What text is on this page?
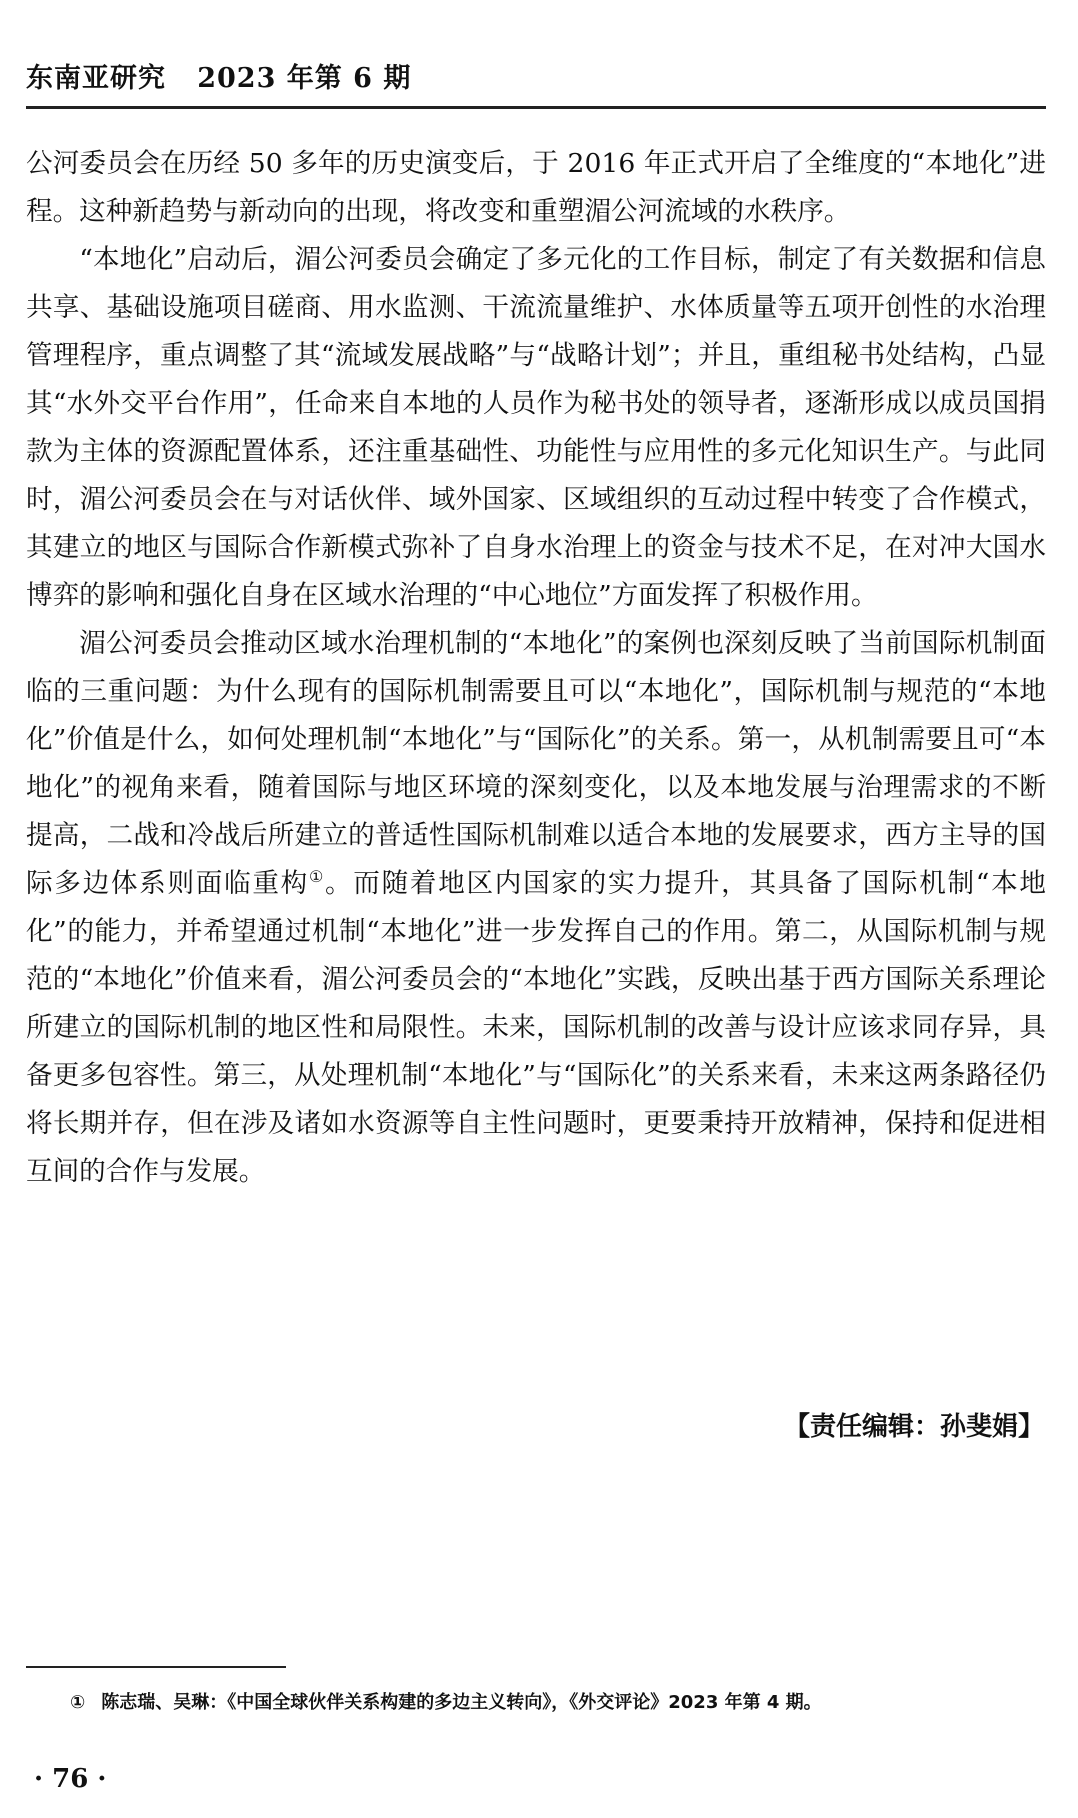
东南亚研究 2023 年第 6 期

公河委员会在历经 50 多年的历史演变后，于 2016 年正式开启了全维度的“本地化”进程。这种新趋势与新动向的出现，将改变和重塑湄公河流域的水秩序。

“本地化”启动后，湄公河委员会确定了多元化的工作目标，制定了有关数据和信息共享、基础设施项目磋商、用水监测、干流流量维护、水体质量等五项开创性的水治理管理程序，重点调整了其“流域发展战略”与“战略计划”；并且，重组秘书处结构，凸显其“水外交平台作用”，任命来自本地的人员作为秘书处的领导者，逐渐形成以成员国捐款为主体的资源配置体系，还注重基础性、功能性与应用性的多元化知识生产。与此同时，湄公河委员会在与对话伙伴、域外国家、区域组织的互动过程中转变了合作模式，其建立的地区与国际合作新模式弥补了自身水治理上的资金与技术不足，在对冲大国水博弈的影响和强化自身在区域水治理的“中心地位”方面发挥了积极作用。

湄公河委员会推动区域水治理机制的“本地化”的案例也深刻反映了当前国际机制面临的三重问题：为什么现有的国际机制需要且可以“本地化”，国际机制与规范的“本地化”价值是什么，如何处理机制“本地化”与“国际化”的关系。第一，从机制需要且可“本地化”的视角来看，随着国际与地区环境的深刻变化，以及本地发展与治理需求的不断提高，二战和冷战后所建立的普适性国际机制难以适合本地的发展要求，西方主导的国际多边体系则面临重构①。而随着地区内国家的实力提升，其具备了国际机制“本地化”的能力，并希望通过机制“本地化”进一步发挥自己的作用。第二，从国际机制与规范的“本地化”价值来看，湄公河委员会的“本地化”实践，反映出基于西方国际关系理论所建立的国际机制的地区性和局限性。未来，国际机制的改善与设计应该求同存异，具备更多包容性。第三，从处理机制“本地化”与“国际化”的关系来看，未来这两条路径仍将长期并存，但在涉及诸如水资源等自主性问题时，更要秉持开放精神，保持和促进相互间的合作与发展。

【责任编辑：孙斐娟】
① 陈志瑞、吴琳：《中国全球伙伴关系构建的多边主义转向》，《外交评论》2023 年第 4 期。
· 76 ·
